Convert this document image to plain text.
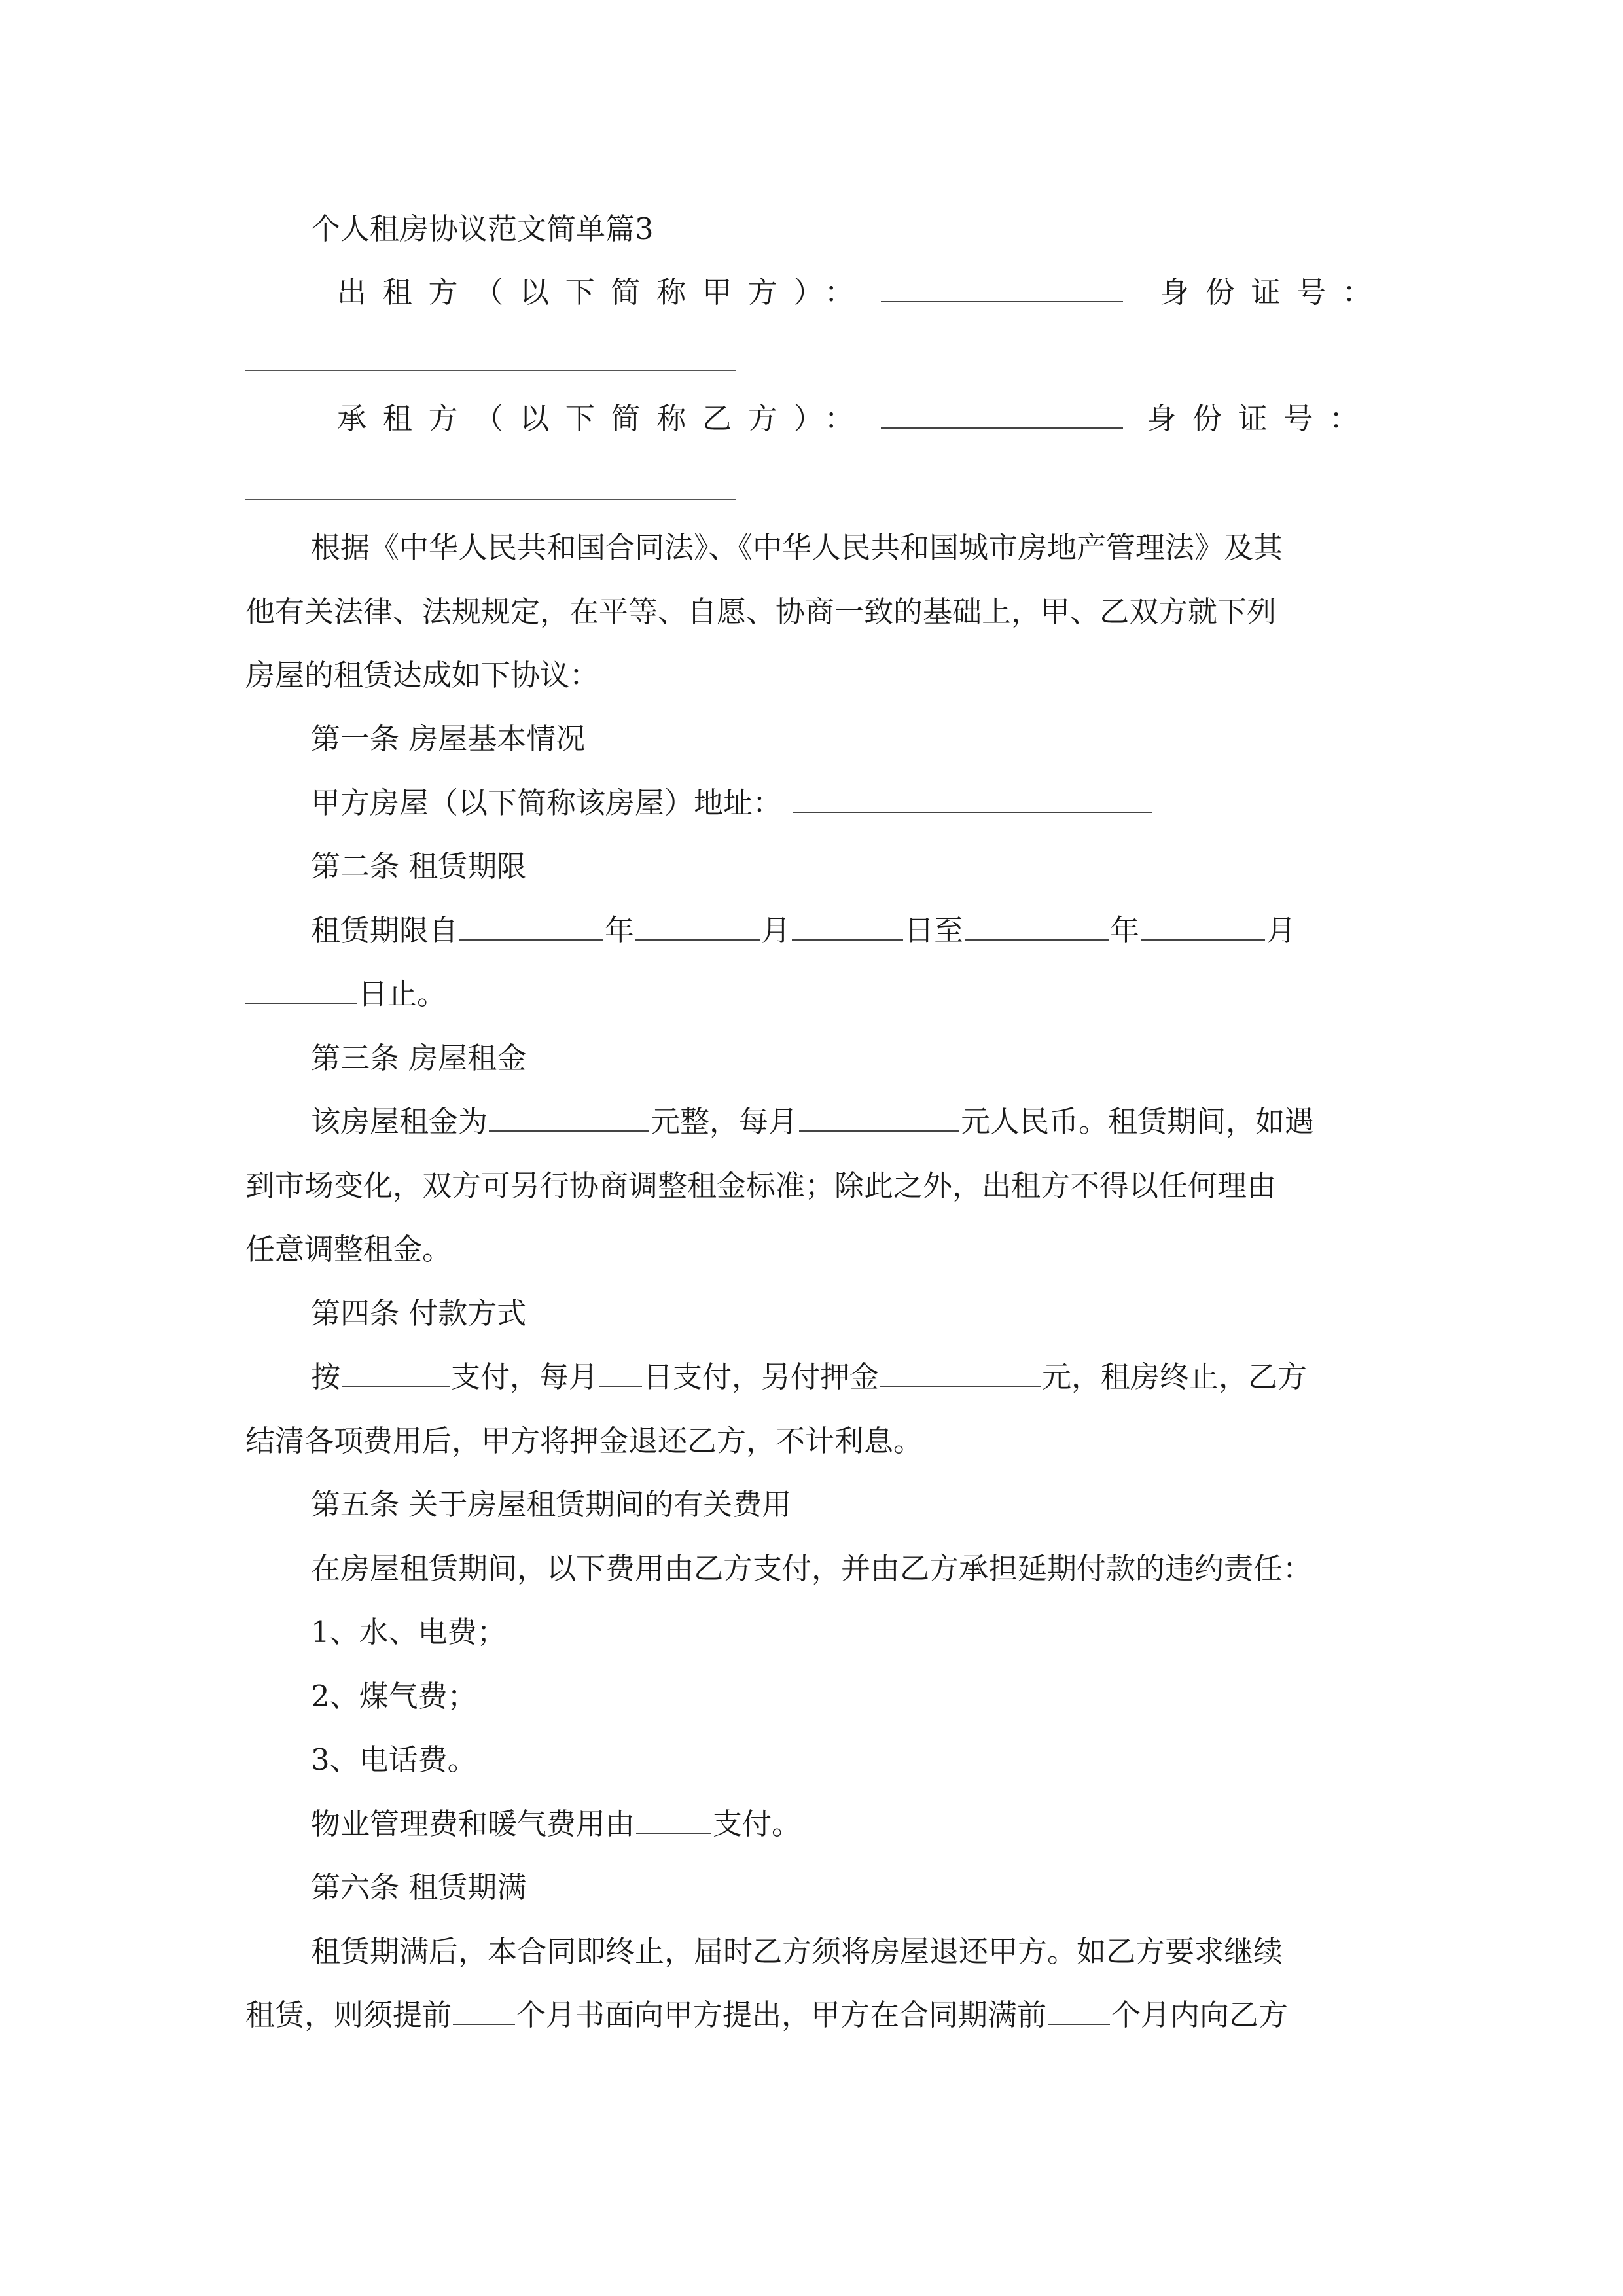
个人租房协议范文简单篇3
出租方（以下简称甲方）：	身份证号：
承租方（以下简称乙方）：	身份证号：
根据《中华人民共和国合同法》、《中华人民共和国城市房地产管理法》及其
他有关法律、法规规定，在平等、自愿、协商一致的基础上，甲、乙双方就下列
房屋的租赁达成如下协议：
第一条 房屋基本情况
甲方房屋（以下简称该房屋）地址：
第二条 租赁期限
租赁期限自	年	月	日至	年	月
日止。
第三条 房屋租金
该房屋租金为	元整，每月	元人民币。租赁期间，如遇
到市场变化，双方可另行协商调整租金标准；除此之外，出租方不得以任何理由
任意调整租金。
第四条 付款方式
按	支付，每月 日支付，另付押金	元，租房终止，乙方
结清各项费用后，甲方将押金退还乙方，不计利息。
第五条 关于房屋租赁期间的有关费用
在房屋租赁期间，以下费用由乙方支付，并由乙方承担延期付款的违约责任：
1、水、电费；
2、煤气费；
3、电话费。
物业管理费和暖气费用由	支付。
第六条 租赁期满
租赁期满后，本合同即终止，届时乙方须将房屋退还甲方。如乙方要求继续
租赁，则须提前 个月书面向甲方提出，甲方在合同期满前 个月内向乙方
